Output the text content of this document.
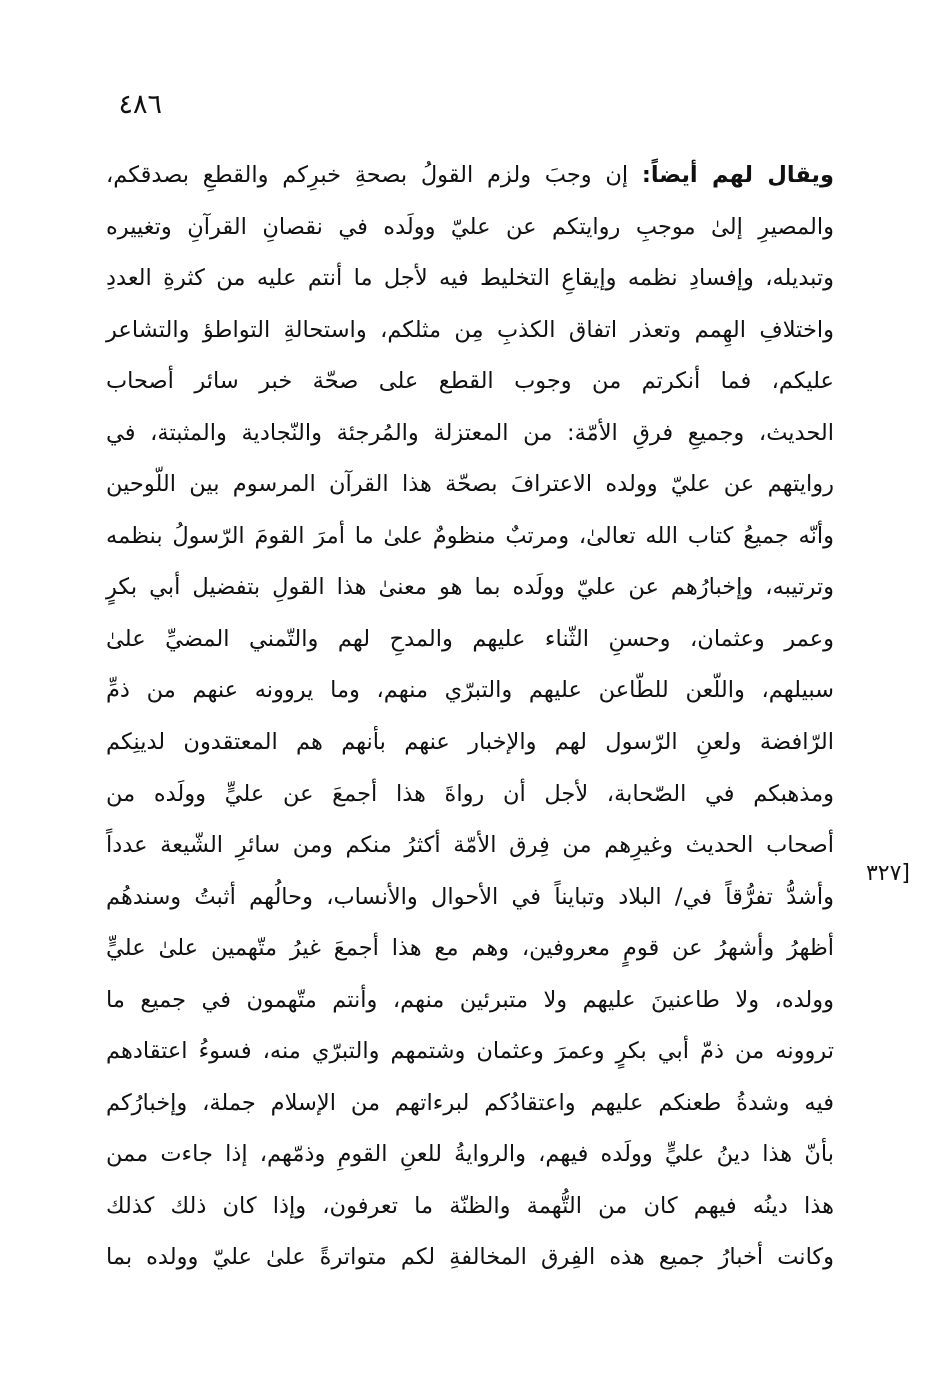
٤٨٦
[٣٢٧
ويقال لهم أيضاً: إن وجبَ ولزم القولُ بصحةِ خبرِكم والقطعِ بصدقكم،
والمصيرِ إلىٰ موجبِ روايتكم عن عليّ وولَده في نقصانِ القرآنِ وتغييره
وتبديله، وإفسادِ نظمه وإيقاعِ التخليط فيه لأجل ما أنتم عليه من كثرةِ العددِ
واختلافِ الهِمم وتعذر اتفاق الكذبِ مِن مثلكم، واستحالةِ التواطؤ والتشاعر
عليكم، فما أنكرتم من وجوب القطع على صحّة خبر سائر أصحاب
الحديث، وجميعِ فرقِ الأمّة: من المعتزلة والمُرجئة والنّجادية والمثبتة، في
روايتهم عن عليّ وولده الاعترافَ بصحّة هذا القرآن المرسوم بين اللّوحين
وأنّه جميعُ كتاب الله تعالىٰ، ومرتبٌ منظومٌ علىٰ ما أمرَ القومَ الرّسولُ بنظمه
وترتيبه، وإخبارُهم عن عليّ وولَده بما هو معنىٰ هذا القولِ بتفضيل أبي بكرٍ
وعمر وعثمان، وحسنِ الثّناء عليهم والمدحِ لهم والتّمني المضيِّ علىٰ
سبيلهم، واللّعن للطّاعن عليهم والتبرّي منهم، وما يروونه عنهم من ذمِّ
الرّافضة ولعنِ الرّسول لهم والإخبار عنهم بأنهم هم المعتقدون لدينِكم
ومذهبكم في الصّحابة، لأجل أن رواةَ هذا أجمعَ عن عليٍّ وولَده من
أصحاب الحديث وغيرِهم من فِرق الأمّة أكثرُ منكم ومن سائرِ الشّيعة عدداً
وأشدُّ تفرُّقاً في/ البلاد وتبايناً في الأحوال والأنساب، وحالُهم أثبتُ وسندهُم
أظهرُ وأشهرُ عن قومٍ معروفين، وهم مع هذا أجمعَ غيرُ متّهمين علىٰ عليٍّ
وولده، ولا طاعنينَ عليهم ولا متبرئين منهم، وأنتم متّهمون في جميع ما
تروونه من ذمّ أبي بكرٍ وعمرَ وعثمان وشتمهم والتبرّي منه، فسوءُ اعتقادهم
فيه وشدةُ طعنكم عليهم واعتقادُكم لبرءاتهم من الإسلام جملة، وإخبارُكم
بأنّ هذا دينُ عليٍّ وولَده فيهم، والروايةُ للعنِ القومِ وذمّهم، إذا جاءت ممن
هذا دينُه فيهم كان من التُّهمة والظنّة ما تعرفون، وإذا كان ذلك كذلك
وكانت أخبارُ جميع هذه الفِرق المخالفةِ لكم متواترةً علىٰ عليّ وولده بما
